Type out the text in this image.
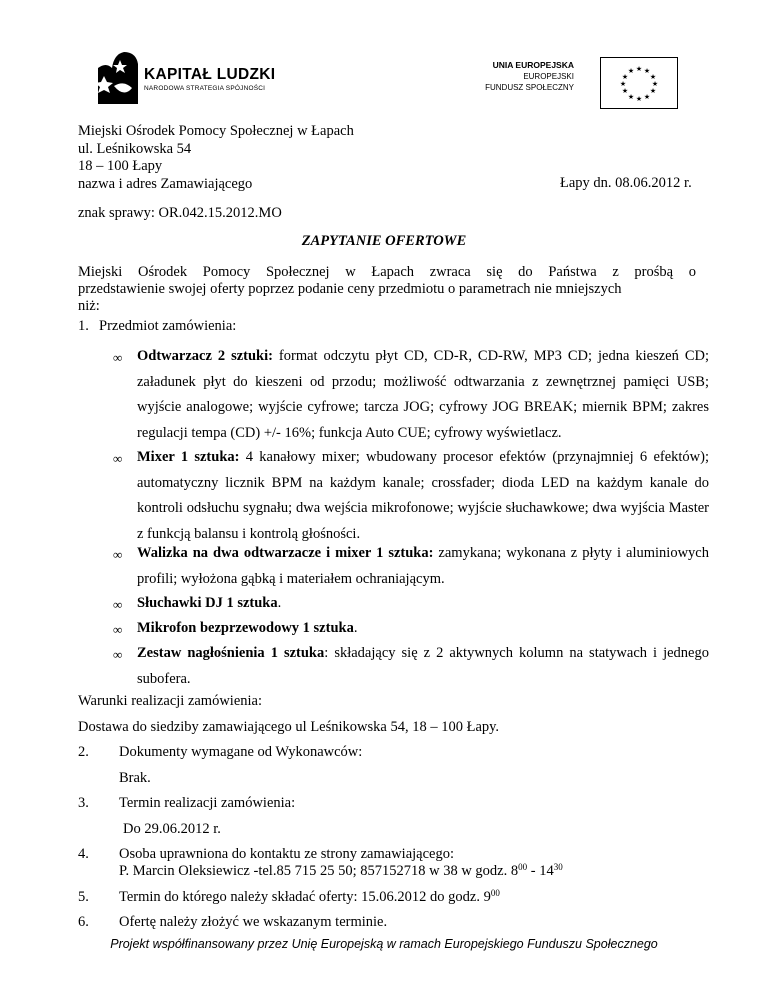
KAPITAŁ LUDZKI
NARODOWA STRATEGIA SPÓJNOŚCI
UNIA EUROPEJSKA
EUROPEJSKI
FUNDUSZ SPOŁECZNY
★ ★
★
★
★
★
★
★
★
★
★
★
Miejski Ośrodek Pomocy Społecznej w Łapach
ul. Leśnikowska 54
18 – 100 Łapy
nazwa i adres Zamawiającego	Łapy dn. 08.06.2012 r.
znak sprawy: OR.042.15.2012.MO
ZAPYTANIE OFERTOWE
Miejski Ośrodek Pomocy Społecznej w Łapach zwraca się do Państwa z prośbą o
przedstawienie swojej oferty poprzez podanie ceny przedmiotu o parametrach nie mniejszych
niż:
1. Przedmiot zamówienia:
∞ Odtwarzacz 2 sztuki: format odczytu płyt CD, CD-R, CD-RW, MP3 CD; jedna kieszeń CD; załadunek płyt do kieszeni od przodu; możliwość odtwarzania z zewnętrznej pamięci USB; wyjście analogowe; wyjście cyfrowe; tarcza JOG; cyfrowy JOG BREAK; miernik BPM; zakres regulacji tempa (CD) +/- 16%; funkcja Auto CUE; cyfrowy wyświetlacz.
∞ Mixer 1 sztuka: 4 kanałowy mixer; wbudowany procesor efektów (przynajmniej 6 efektów); automatyczny licznik BPM na każdym kanale; crossfader; dioda LED na każdym kanale do kontroli odsłuchu sygnału; dwa wejścia mikrofonowe; wyjście słuchawkowe; dwa wyjścia Master z funkcją balansu i kontrolą głośności.
∞ Walizka na dwa odtwarzacze i mixer 1 sztuka: zamykana; wykonana z płyty i aluminiowych profili; wyłożona gąbką i materiałem ochraniającym.
∞ Słuchawki DJ 1 sztuka.
∞ Mikrofon bezprzewodowy 1 sztuka.
∞ Zestaw nagłośnienia 1 sztuka: składający się z 2 aktywnych kolumn na statywach i jednego subofera.
Warunki realizacji zamówienia:
Dostawa do siedziby zamawiającego ul Leśnikowska 54, 18 – 100 Łapy.
2. Dokumenty wymagane od Wykonawców:
Brak.
3. Termin realizacji zamówienia:
Do 29.06.2012 r.
4. Osoba uprawniona do kontaktu ze strony zamawiającego:
P. Marcin Oleksiewicz -tel.85 715 25 50; 857152718 w 38 w godz. $8^{00} - 14^{30}$
5. Termin do którego należy składać oferty: 15.06.2012 do godz. $9^{00}$
6. Ofertę należy złożyć we wskazanym terminie.
Projekt współfinansowany przez Unię Europejską w ramach Europejskiego Funduszu Społecznego
